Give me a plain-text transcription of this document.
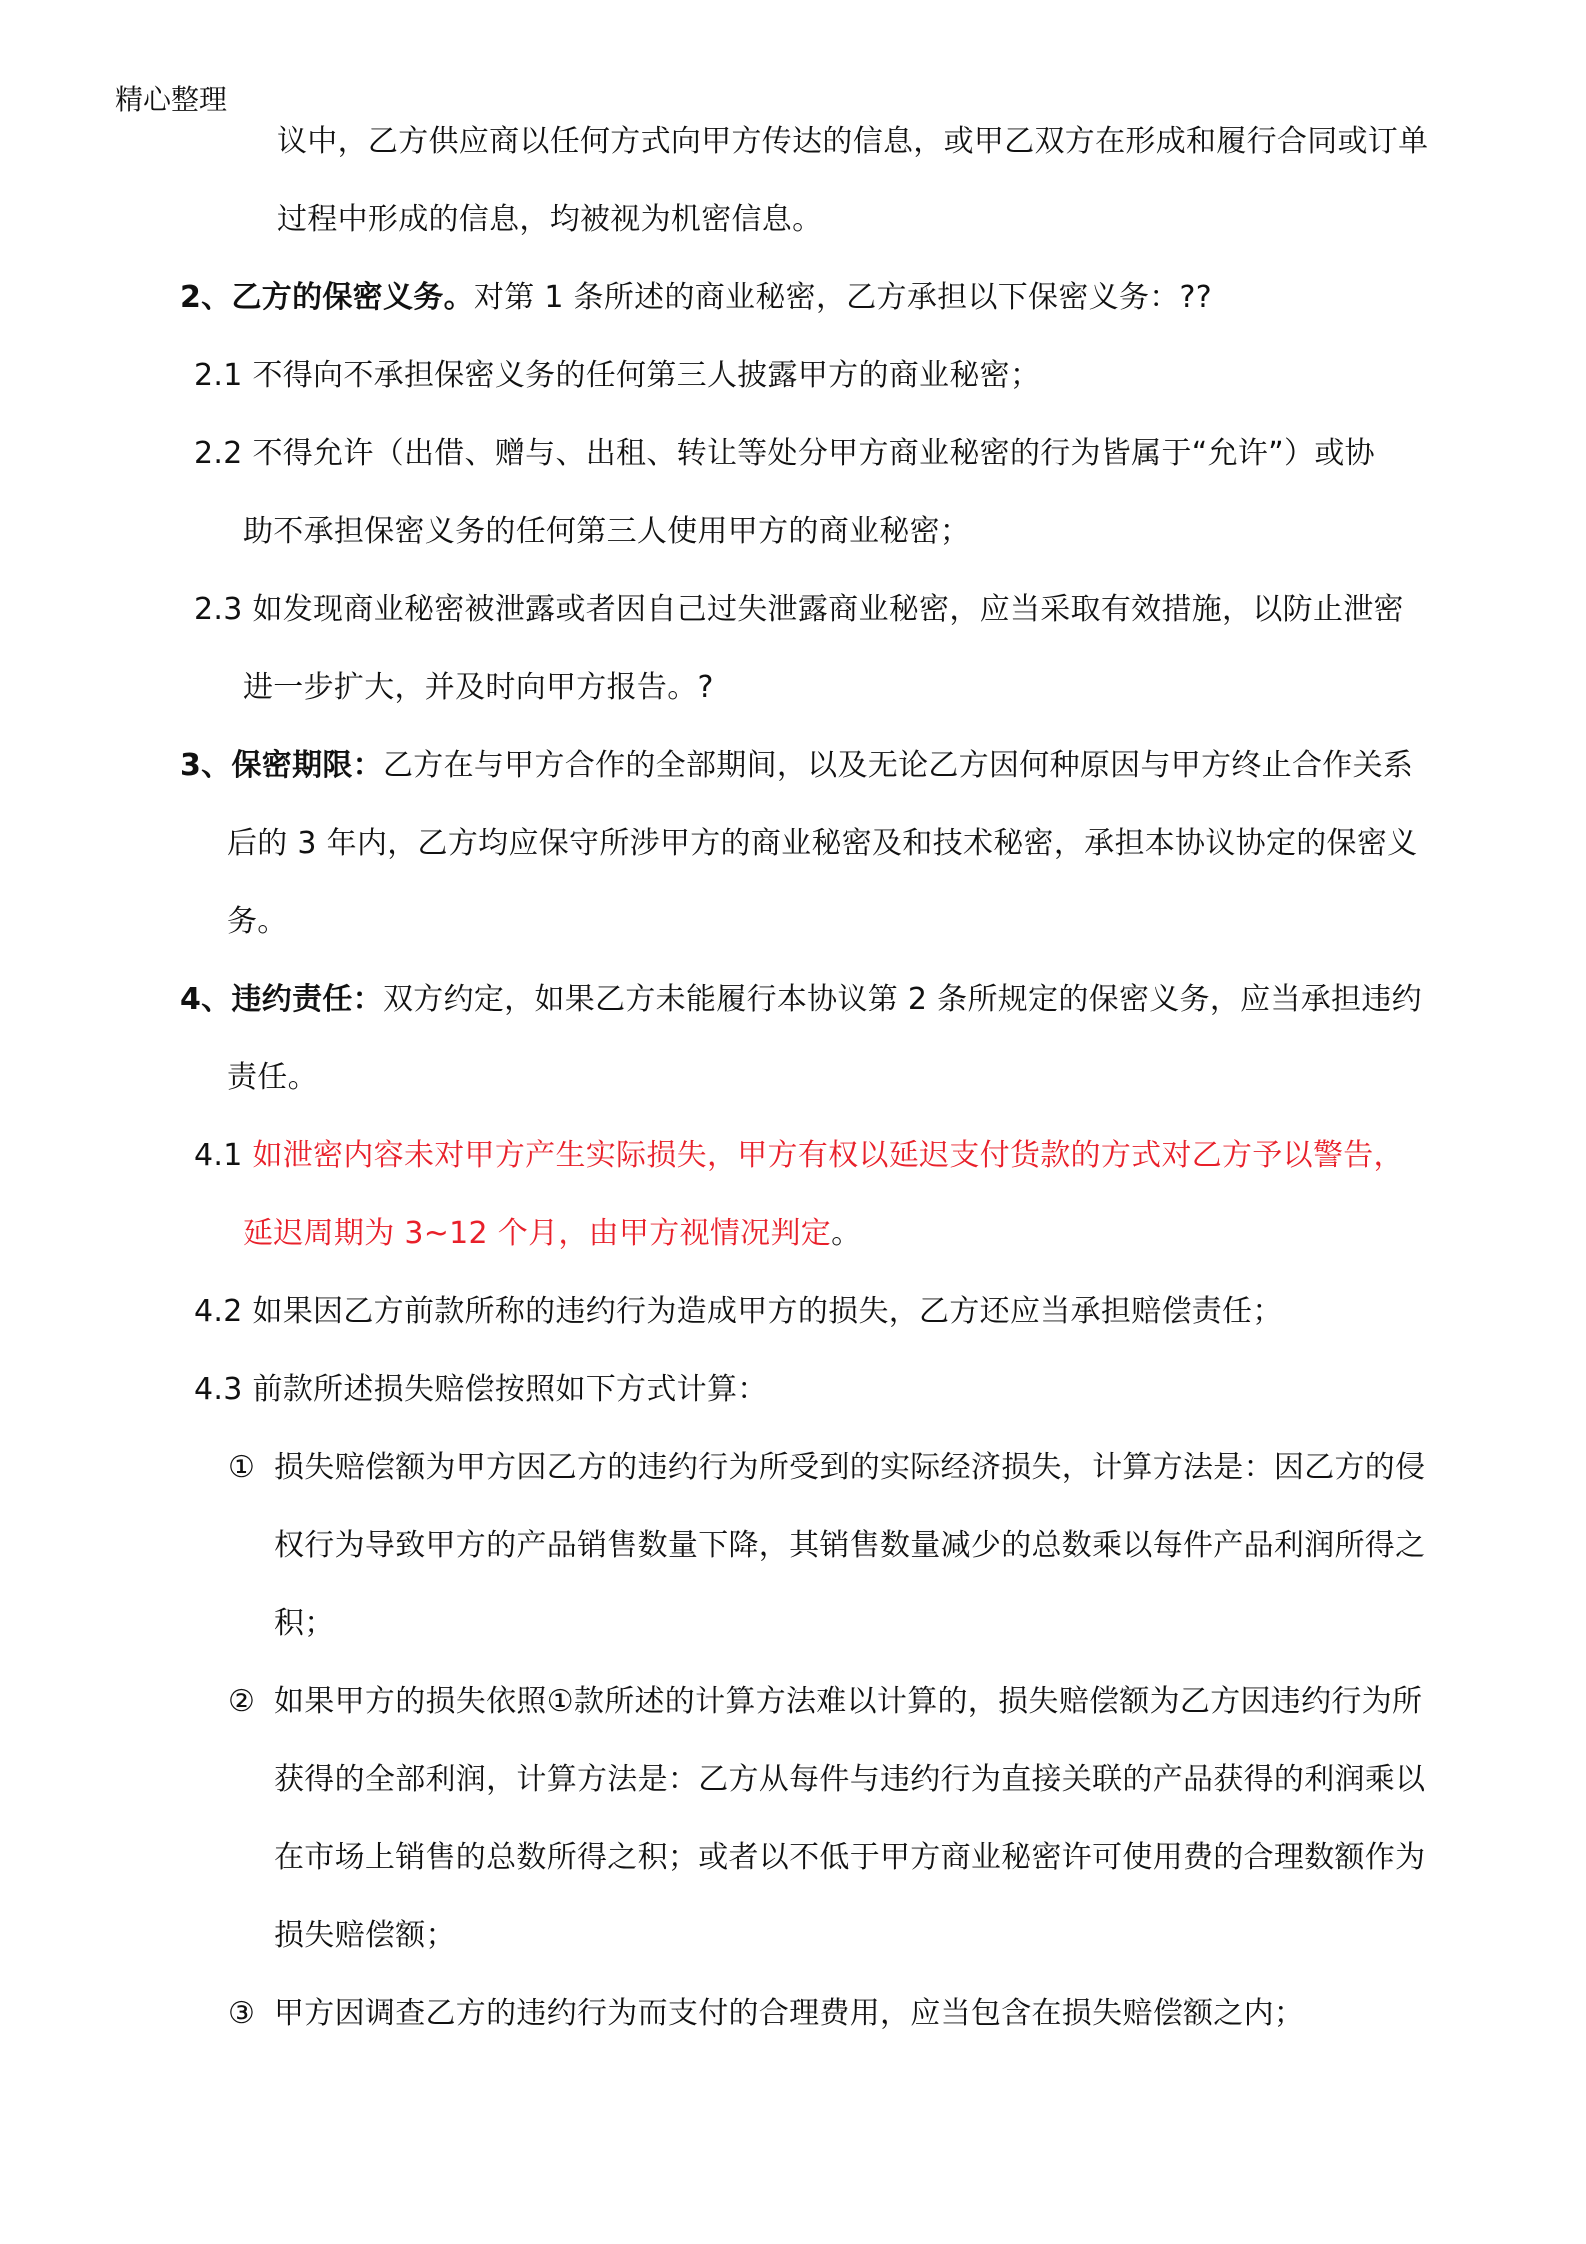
精心整理
议中，乙方供应商以任何方式向甲方传达的信息，或甲乙双方在形成和履行合同或订单
过程中形成的信息，均被视为机密信息。
2、乙方的保密义务。对第 1 条所述的商业秘密，乙方承担以下保密义务：??
2.1 不得向不承担保密义务的任何第三人披露甲方的商业秘密；
2.2 不得允许（出借、赠与、出租、转让等处分甲方商业秘密的行为皆属于“允许”）或协
助不承担保密义务的任何第三人使用甲方的商业秘密；
2.3 如发现商业秘密被泄露或者因自己过失泄露商业秘密，应当采取有效措施，以防止泄密
进一步扩大，并及时向甲方报告。?
3、保密期限：乙方在与甲方合作的全部期间，以及无论乙方因何种原因与甲方终止合作关系
后的 3 年内，乙方均应保守所涉甲方的商业秘密及和技术秘密，承担本协议协定的保密义
务。
4、违约责任：双方约定，如果乙方未能履行本协议第 2 条所规定的保密义务，应当承担违约
责任。
4.1 如泄密内容未对甲方产生实际损失，甲方有权以延迟支付货款的方式对乙方予以警告，
延迟周期为 3~12 个月，由甲方视情况判定。
4.2 如果因乙方前款所称的违约行为造成甲方的损失，乙方还应当承担赔偿责任；
4.3 前款所述损失赔偿按照如下方式计算：
① 损失赔偿额为甲方因乙方的违约行为所受到的实际经济损失，计算方法是：因乙方的侵
权行为导致甲方的产品销售数量下降，其销售数量减少的总数乘以每件产品利润所得之
积；
② 如果甲方的损失依照①款所述的计算方法难以计算的，损失赔偿额为乙方因违约行为所
获得的全部利润，计算方法是：乙方从每件与违约行为直接关联的产品获得的利润乘以
在市场上销售的总数所得之积；或者以不低于甲方商业秘密许可使用费的合理数额作为
损失赔偿额；
③ 甲方因调查乙方的违约行为而支付的合理费用，应当包含在损失赔偿额之内；
